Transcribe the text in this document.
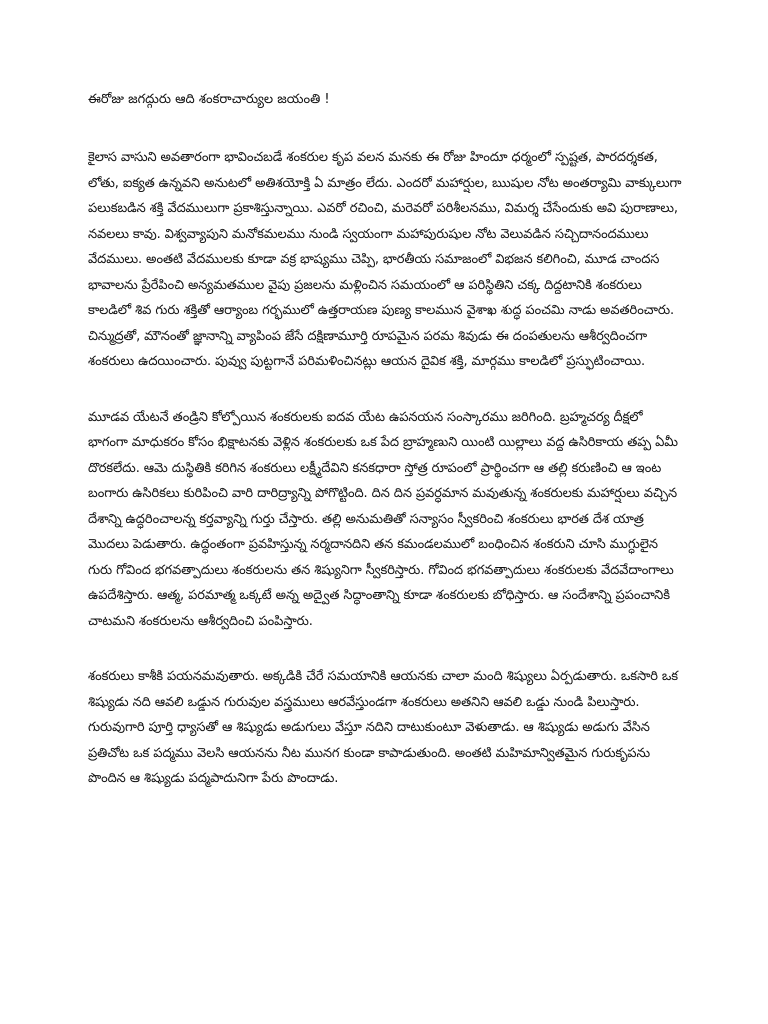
ఈరోజు జగద్గురు ఆది శంకరాచార్యుల జయంతి !

కైలాస వాసుని అవతారంగా భావించబడే శంకరుల కృప వలన మనకు ఈ రోజు హిందూ ధర్మంలో స్పష్టత, పారదర్శకత, లోతు, ఐక్యత ఉన్నవని అనుటలో అతిశయోక్తి ఏ మాత్రం లేదు. ఎందరో మహార్షుల, ఋషుల నోట అంతర్యామి వాక్కులుగా పలుకబడిన శక్తి వేదములుగా ప్రకాశిస్తున్నాయి. ఎవరో రచించి, మరెవరో పరిశీలనము, విమర్శ చేసేందుకు అవి పురాణాలు, నవలలు కావు. విశ్వవ్యాపుని మనోకమలము నుండి స్వయంగా మహాపురుషుల నోట వెలువడిన సచ్చిదానందములు వేదములు. అంతటి వేదములకు కూడా వక్ర భాష్యము చెప్పి, భారతీయ సమాజంలో విభజన కలిగించి, మూడ చాందస భావాలను ప్రేరేపించి అన్యమతముల వైపు ప్రజలను మళ్లించిన సమయంలో ఆ పరిస్థితిని చక్క దిద్దటానికి శంకరులు కాలడిలో శివ గురు శక్తితో ఆర్యాంబ గర్భములో ఉత్తరాయణ పుణ్య కాలమున వైశాఖ శుద్ధ పంచమి నాడు అవతరించారు. చిన్ముద్రతో, మౌనంతో జ్ఞానాన్ని వ్యాపింప జేసే దక్షిణామూర్తి రూపమైన పరమ శివుడు ఈ దంపతులను ఆశీర్వదించగా శంకరులు ఉదయించారు. పువ్వు పుట్టగానే పరిమళించినట్లు ఆయన దైవిక శక్తి, మార్గము కాలడిలో ప్రస్ఫుటించాయి.

మూడవ యేటనే తండ్రిని కోల్పోయిన శంకరులకు ఐదవ యేట ఉపనయన సంస్కారము జరిగింది. బ్రహ్మచర్య దీక్షలో భాగంగా మాధుకరం కోసం భిక్షాటనకు వెళ్లిన శంకరులకు ఒక పేద బ్రాహ్మణుని యింటి యిల్లాలు వద్ద ఉసిరికాయ తప్ప ఏమీ దొరకలేదు. ఆమె దుస్థితికి కరిగిన శంకరులు లక్ష్మీదేవిని కనకధారా స్తోత్ర రూపంలో ప్రార్థించగా ఆ తల్లి కరుణించి ఆ ఇంట బంగారు ఉసిరికలు కురిపించి వారి దారిద్ర్యాన్ని పోగొట్టింది. దిన దిన ప్రవర్ధమాన మవుతున్న శంకరులకు మహార్షులు వచ్చిన దేశాన్ని ఉద్ధరించాలన్న కర్తవ్యాన్ని గుర్తు చేస్తారు. తల్లి అనుమతితో సన్యాసం స్వీకరించి శంకరులు భారత దేశ యాత్ర మొదలు పెడుతారు. ఉద్ధంతంగా ప్రవహిస్తున్న నర్మదానదిని తన కమండలములో బంధించిన శంకరుని చూసి ముగ్ధులైన గురు గోవింద భగవత్పాదులు శంకరులను తన శిష్యునిగా స్వీకరిస్తారు. గోవింద భగవత్పాదులు శంకరులకు వేదవేదాంగాలు ఉపదేశిస్తారు. ఆత్మ, పరమాత్మ ఒక్కటే అన్న అద్వైత సిద్ధాంతాన్ని కూడా శంకరులకు బోధిస్తారు. ఆ సందేశాన్ని ప్రపంచానికి చాటమని శంకరులను ఆశీర్వదించి పంపిస్తారు.

శంకరులు కాశీకి పయనమవుతారు. అక్కడికి చేరే సమయానికి ఆయనకు చాలా మంది శిష్యులు ఏర్పడుతారు. ఒకసారి ఒక శిష్యుడు నది ఆవలి ఒడ్డున గురువుల వస్త్రములు ఆరవేస్తుండగా శంకరులు అతనిని ఆవలి ఒడ్డు నుండి పిలుస్తారు. గురువుగారి పూర్తి ధ్యాసతో ఆ శిష్యుడు అడుగులు వేస్తూ నదిని దాటుకుంటూ వెళుతాడు. ఆ శిష్యుడు అడుగు వేసిన ప్రతిచోట ఒక పద్మము వెలసి ఆయనను నీట మునగ కుండా కాపాడుతుంది. అంతటి మహిమాన్వితమైన గురుకృపను పొందిన ఆ శిష్యుడు పద్మపాదునిగా పేరు పొందాడు.
